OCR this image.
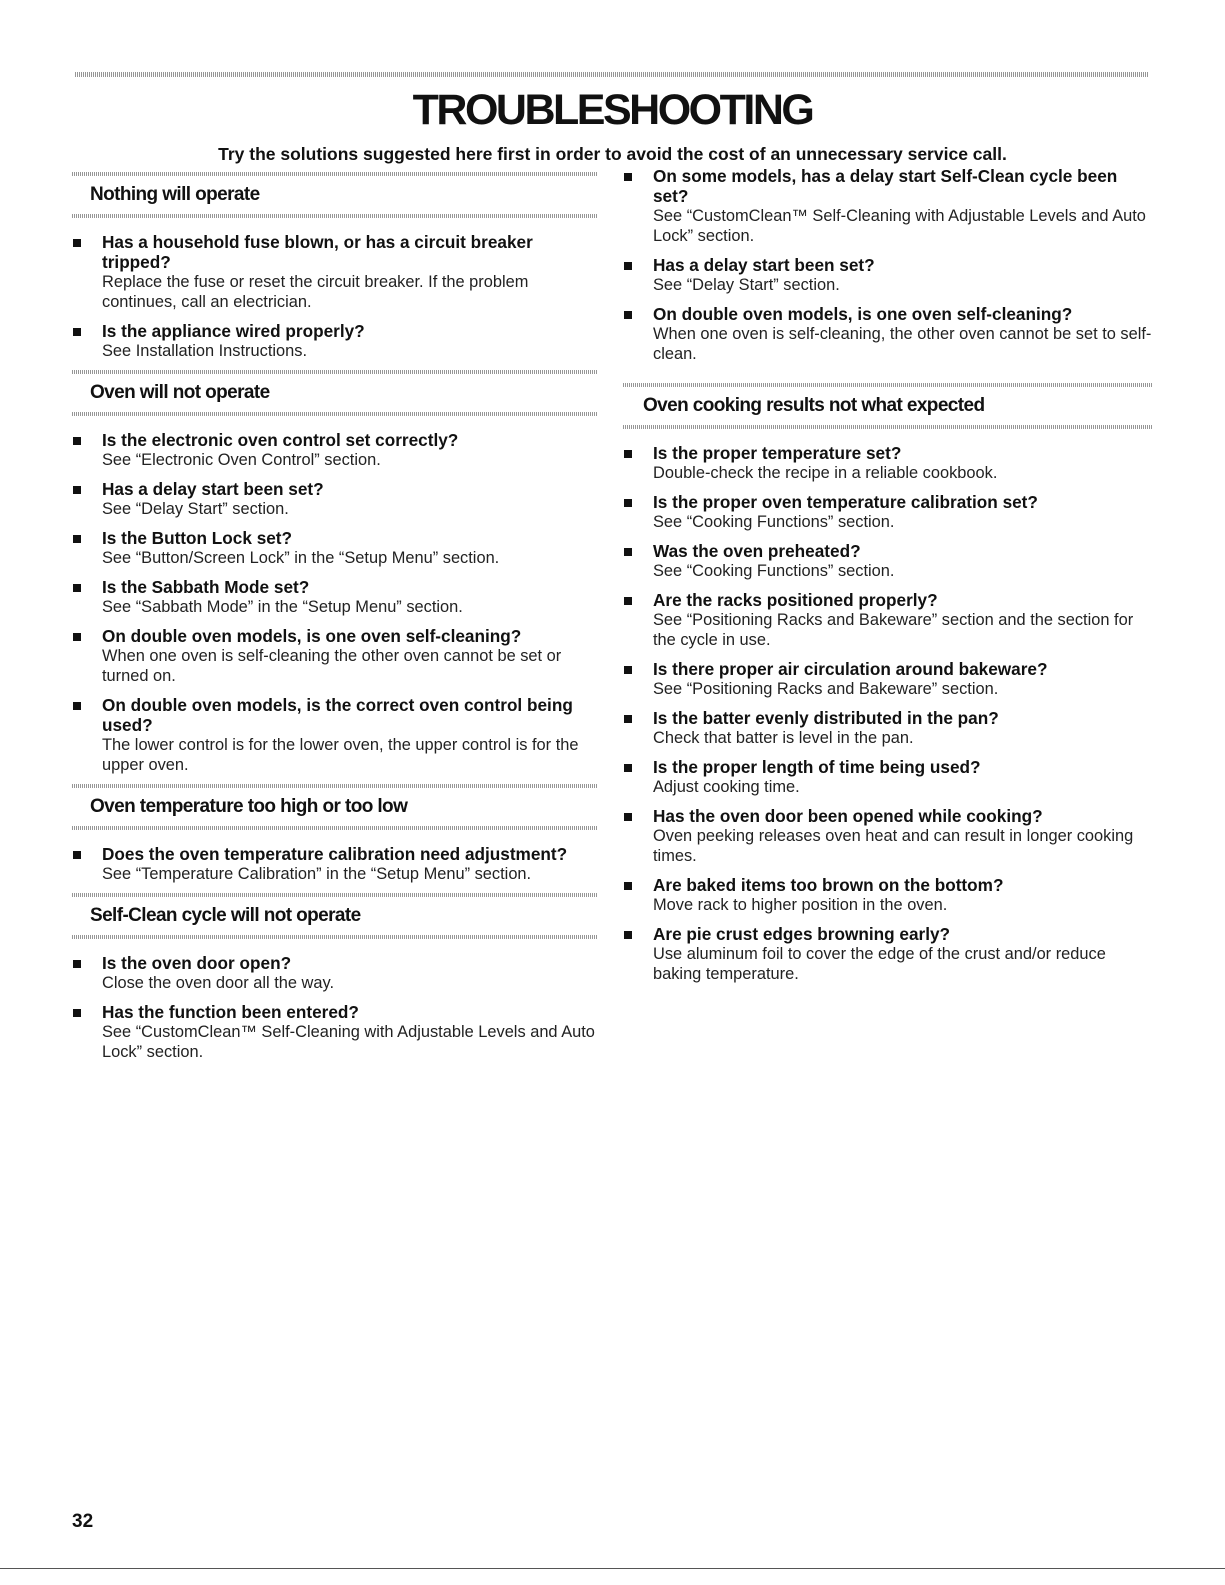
TROUBLESHOOTING
Try the solutions suggested here first in order to avoid the cost of an unnecessary service call.
Nothing will operate
Has a household fuse blown, or has a circuit breaker tripped?
Replace the fuse or reset the circuit breaker. If the problem continues, call an electrician.
Is the appliance wired properly?
See Installation Instructions.
Oven will not operate
Is the electronic oven control set correctly?
See “Electronic Oven Control” section.
Has a delay start been set?
See “Delay Start” section.
Is the Button Lock set?
See “Button/Screen Lock” in the “Setup Menu” section.
Is the Sabbath Mode set?
See “Sabbath Mode” in the “Setup Menu” section.
On double oven models, is one oven self-cleaning?
When one oven is self-cleaning the other oven cannot be set or turned on.
On double oven models, is the correct oven control being used?
The lower control is for the lower oven, the upper control is for the upper oven.
Oven temperature too high or too low
Does the oven temperature calibration need adjustment?
See “Temperature Calibration” in the “Setup Menu” section.
Self-Clean cycle will not operate
Is the oven door open?
Close the oven door all the way.
Has the function been entered?
See “CustomClean™ Self-Cleaning with Adjustable Levels and Auto Lock” section.
On some models, has a delay start Self-Clean cycle been set?
See “CustomClean™ Self-Cleaning with Adjustable Levels and Auto Lock” section.
Has a delay start been set?
See “Delay Start” section.
On double oven models, is one oven self-cleaning?
When one oven is self-cleaning, the other oven cannot be set to self-clean.
Oven cooking results not what expected
Is the proper temperature set?
Double-check the recipe in a reliable cookbook.
Is the proper oven temperature calibration set?
See “Cooking Functions” section.
Was the oven preheated?
See “Cooking Functions” section.
Are the racks positioned properly?
See “Positioning Racks and Bakeware” section and the section for the cycle in use.
Is there proper air circulation around bakeware?
See “Positioning Racks and Bakeware” section.
Is the batter evenly distributed in the pan?
Check that batter is level in the pan.
Is the proper length of time being used?
Adjust cooking time.
Has the oven door been opened while cooking?
Oven peeking releases oven heat and can result in longer cooking times.
Are baked items too brown on the bottom?
Move rack to higher position in the oven.
Are pie crust edges browning early?
Use aluminum foil to cover the edge of the crust and/or reduce baking temperature.
32
